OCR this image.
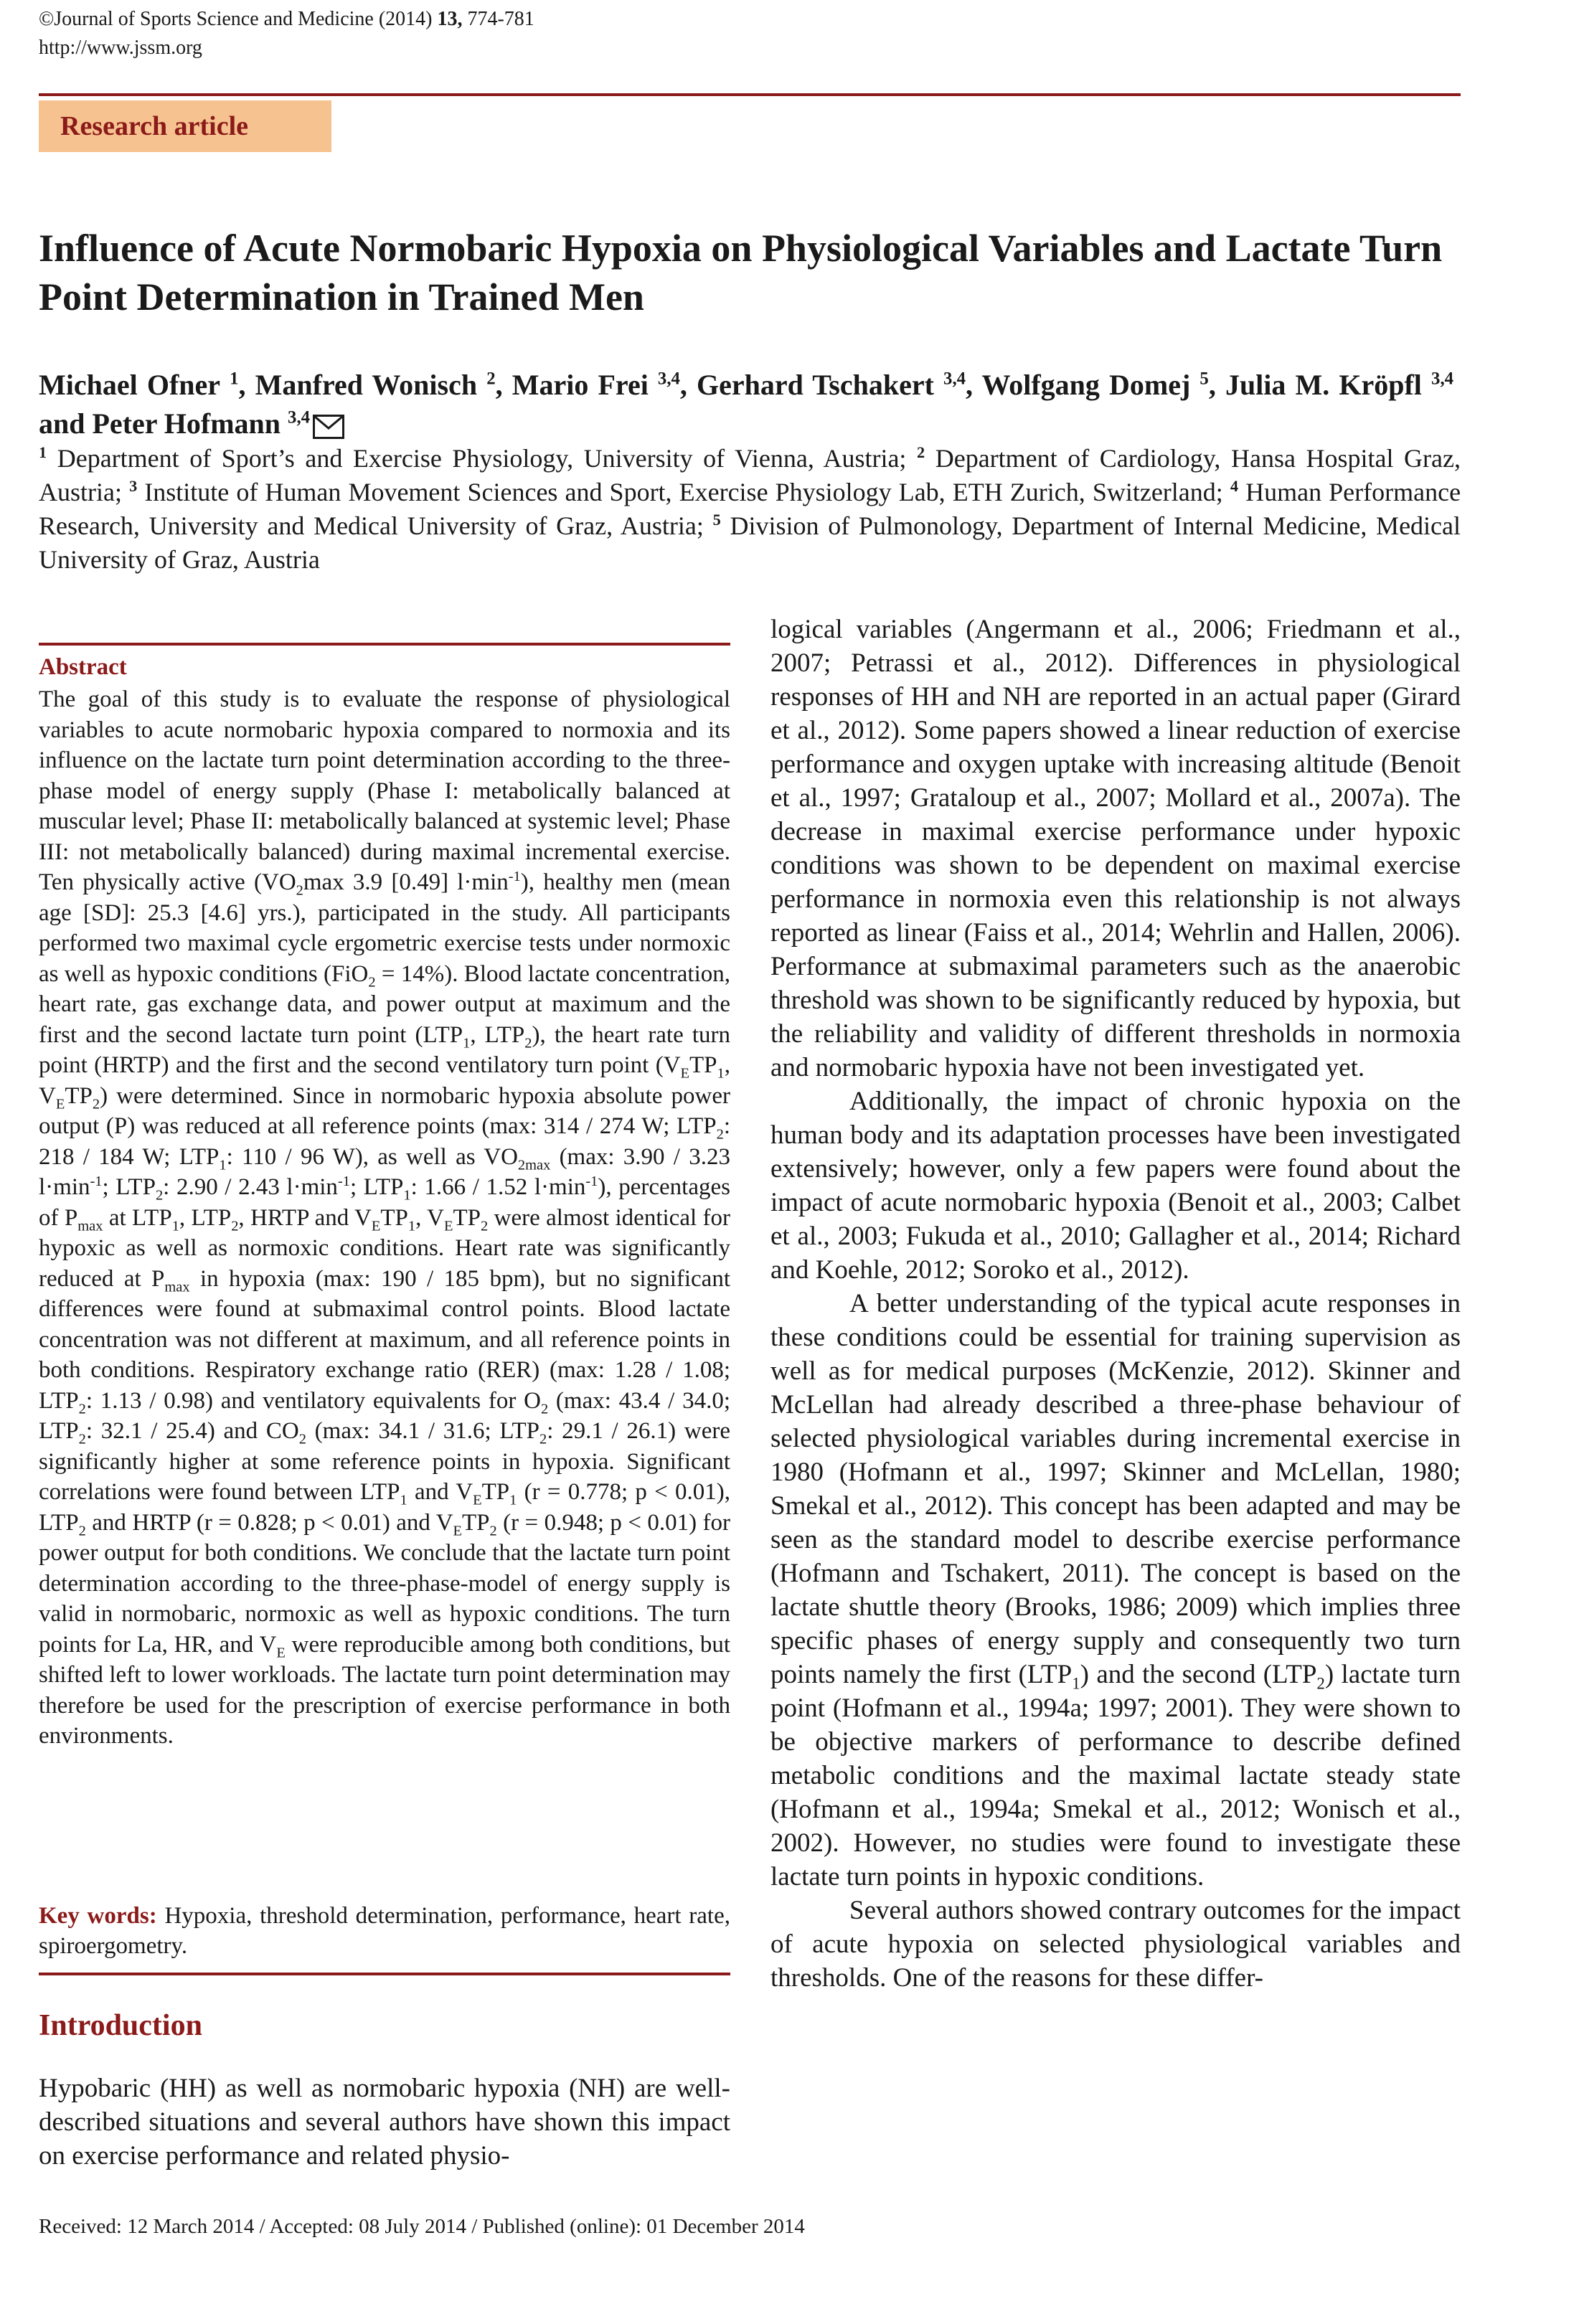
©Journal of Sports Science and Medicine (2014) 13, 774-781
http://www.jssm.org
Research article
Influence of Acute Normobaric Hypoxia on Physiological Variables and Lactate Turn Point Determination in Trained Men
Michael Ofner $^1$, Manfred Wonisch $^2$, Mario Frei $^{3,4}$, Gerhard Tschakert $^{3,4}$, Wolfgang Domej $^5$, Julia M. Kröpfl $^{3,4}$  and Peter Hofmann $^{3,4}$
$^1$ Department of Sport’s and Exercise Physiology, University of Vienna, Austria; $^2$ Department of Cardiology, Hansa Hospital Graz, Austria; $^3$ Institute of Human Movement Sciences and Sport, Exercise Physiology Lab, ETH Zurich, Switzerland; $^4$ Human Performance Research, University and Medical University of Graz, Austria; $^5$ Division of Pulmonology, Department of Internal Medicine, Medical University of Graz, Austria
Abstract
The goal of this study is to evaluate the response of physiological variables to acute normobaric hypoxia compared to normoxia and its influence on the lactate turn point determination according to the three-phase model of energy supply (Phase I: metabolically balanced at muscular level; Phase II: metabolically balanced at systemic level; Phase III: not metabolically balanced) during maximal incremental exercise. Ten physically active ($VO_2\max$ 3.9 [0.49] $l\cdot\min^{-1}$), healthy men (mean age [SD]: 25.3 [4.6] yrs.), participated in the study. All participants performed two maximal cycle ergometric exercise tests under normoxic as well as hypoxic conditions (FiO$_2$ = 14%). Blood lactate concentration, heart rate, gas exchange data, and power output at maximum and the first and the second lactate turn point ($LTP_1$, $LTP_2$), the heart rate turn point (HRTP) and the first and the second ventilatory turn point ($V_ETP_1$, $V_ETP_2$) were determined. Since in normobaric hypoxia absolute power output (P) was reduced at all reference points (max: 314 / 274 W; $LTP_2$: 218 / 184 W; $LTP_1$: 110 / 96 W), as well as $VO_{2max}$ (max: 3.90 / 3.23 $l\cdot\min^{-1}$; $LTP_2$: 2.90 / 2.43 $l\cdot\min^{-1}$; $LTP_1$: 1.66 / 1.52 $l\cdot\min^{-1}$), percentages of $P_{max}$ at $LTP_1$, $LTP_2$, HRTP and $V_ETP_1$, $V_ETP_2$ were almost identical for hypoxic as well as normoxic conditions. Heart rate was significantly reduced at $P_{max}$ in hypoxia (max: 190 / 185 bpm), but no significant differences were found at submaximal control points. Blood lactate concentration was not different at maximum, and all reference points in both conditions. Respiratory exchange ratio (RER) (max: 1.28 / 1.08; $LTP_2$: 1.13 / 0.98) and ventilatory equivalents for $O_2$ (max: 43.4 / 34.0; $LTP_2$: 32.1 / 25.4) and $CO_2$ (max: 34.1 / 31.6; $LTP_2$: 29.1 / 26.1) were significantly higher at some reference points in hypoxia. Significant correlations were found between $LTP_1$ and $V_ETP_1$ (r = 0.778; p < 0.01), $LTP_2$ and HRTP (r = 0.828; p < 0.01) and $V_ETP_2$ (r = 0.948; p < 0.01) for power output for both conditions. We conclude that the lactate turn point determination according to the three-phase-model of energy supply is valid in normobaric, normoxic as well as hypoxic conditions. The turn points for La, HR, and $V_E$ were reproducible among both conditions, but shifted left to lower workloads. The lactate turn point determination may therefore be used for the prescription of exercise performance in both environments.
Key words: Hypoxia, threshold determination, performance, heart rate, spiroergometry.
Introduction
Hypobaric (HH) as well as normobaric hypoxia (NH) are well-described situations and several authors have shown this impact on exercise performance and related physio-

logical variables (Angermann et al., 2006; Friedmann et al., 2007; Petrassi et al., 2012). Differences in physiological responses of HH and NH are reported in an actual paper (Girard et al., 2012). Some papers showed a linear reduction of exercise performance and oxygen uptake with increasing altitude (Benoit et al., 1997; Grataloup et al., 2007; Mollard et al., 2007a). The decrease in maximal exercise performance under hypoxic conditions was shown to be dependent on maximal exercise performance in normoxia even this relationship is not always reported as linear (Faiss et al., 2014; Wehrlin and Hallen, 2006). Performance at submaximal parameters such as the anaerobic threshold was shown to be significantly reduced by hypoxia, but the reliability and validity of different thresholds in normoxia and normobaric hypoxia have not been investigated yet.

Additionally, the impact of chronic hypoxia on the human body and its adaptation processes have been investigated extensively; however, only a few papers were found about the impact of acute normobaric hypoxia (Benoit et al., 2003; Calbet et al., 2003; Fukuda et al., 2010; Gallagher et al., 2014; Richard and Koehle, 2012; Soroko et al., 2012).

A better understanding of the typical acute responses in these conditions could be essential for training supervision as well as for medical purposes (McKenzie, 2012). Skinner and McLellan had already described a three-phase behaviour of selected physiological variables during incremental exercise in 1980 (Hofmann et al., 1997; Skinner and McLellan, 1980; Smekal et al., 2012). This concept has been adapted and may be seen as the standard model to describe exercise performance (Hofmann and Tschakert, 2011). The concept is based on the lactate shuttle theory (Brooks, 1986; 2009) which implies three specific phases of energy supply and consequently two turn points namely the first $(LTP_1)$ and the second $(LTP_2)$ lactate turn point (Hofmann et al., 1994a; 1997; 2001). They were shown to be objective markers of performance to describe defined metabolic conditions and the maximal lactate steady state (Hofmann et al., 1994a; Smekal et al., 2012; Wonisch et al., 2002). However, no studies were found to investigate these lactate turn points in hypoxic conditions.

Several authors showed contrary outcomes for the impact of acute hypoxia on selected physiological variables and thresholds. One of the reasons for these differ-

Received: 12 March 2014 / Accepted: 08 July 2014 / Published (online): 01 December 2014
